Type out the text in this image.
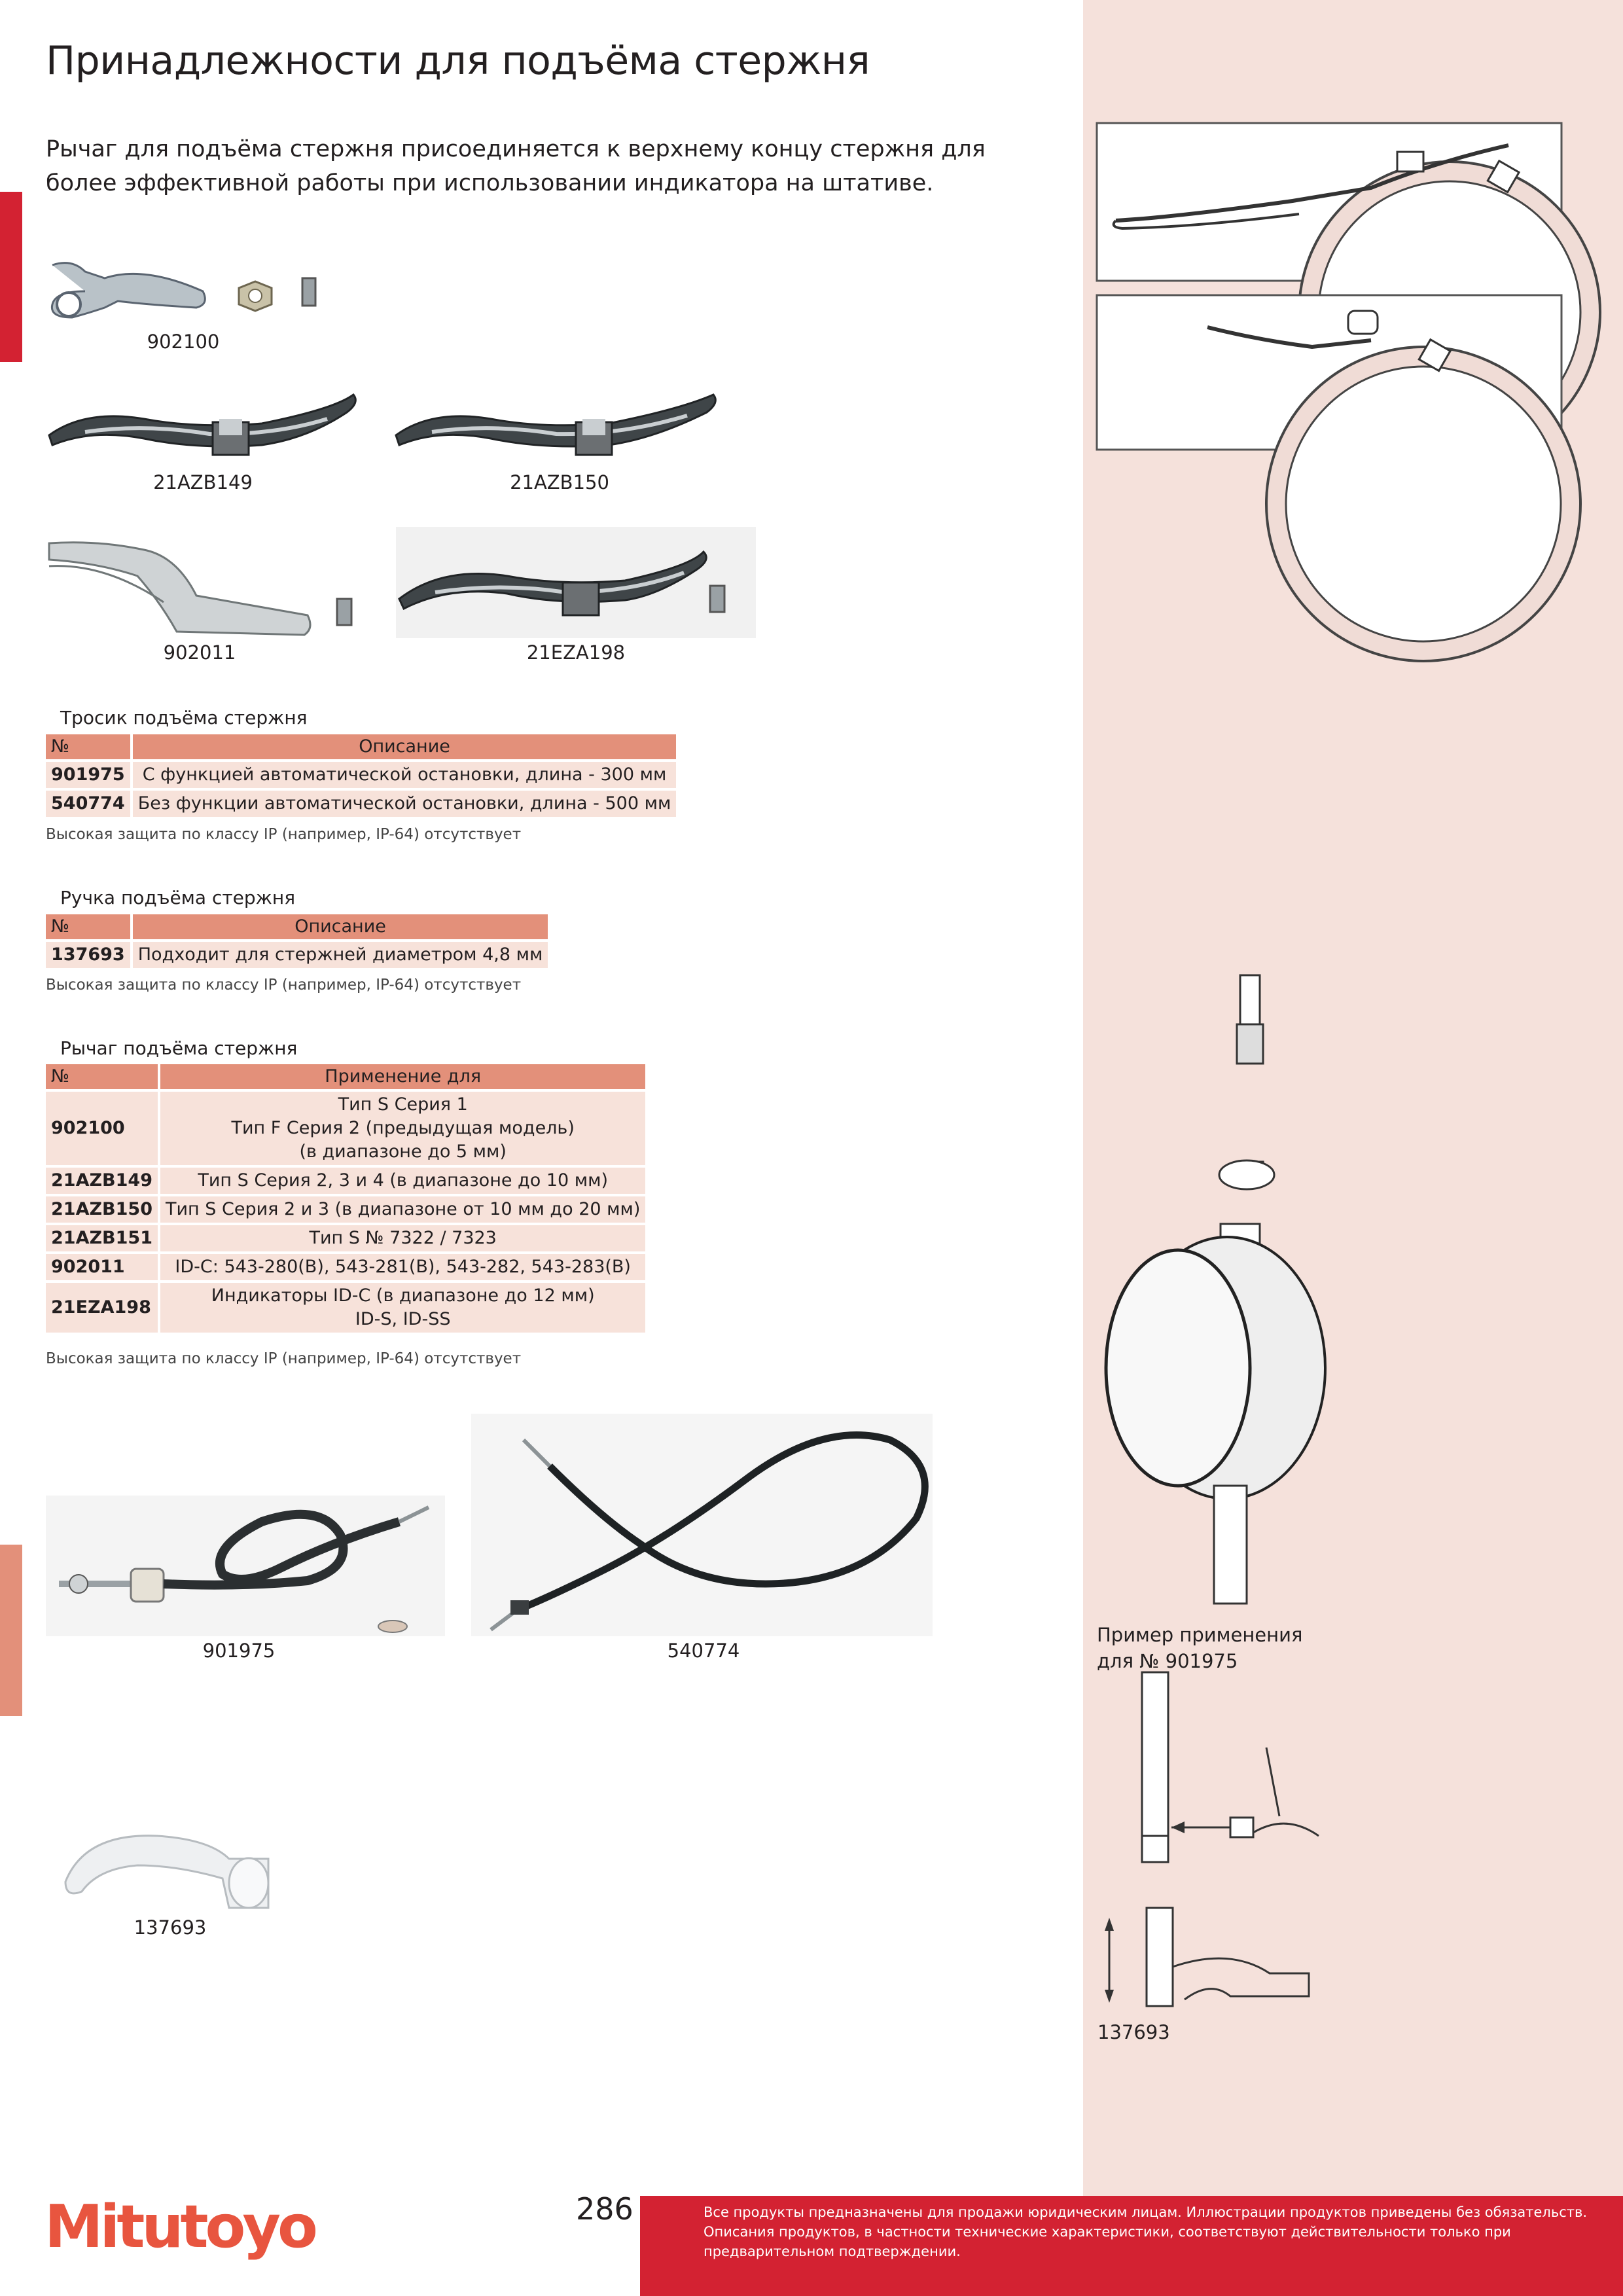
Принадлежности для подъёма стержня

Рычаг для подъёма стержня присоединяется к верхнему концу стержня для более эффективной работы при использовании индикатора на штативе.

902100
21AZB149	21AZB150
902011	21EZA198
Тросик подъёма стержня
№	Описание
901975	С функцией автоматической остановки, длина - 300 мм
540774	Без функции автоматической остановки, длина - 500 мм
Высокая защита по классу IP (например, IP-64) отсутствует
Ручка подъёма стержня
№	Описание
137693	Подходит для стержней диаметром 4,8 мм
Высокая защита по классу IP (например, IP-64) отсутствует
Рычаг подъёма стержня
№	Применение для
902100	Тип S Серия 1
Тип F Серия 2 (предыдущая модель)
(в диапазоне до 5 мм)

21AZB149	Тип S Серия 2, 3 и 4 (в диапазоне до 10 мм)
21AZB150	Тип S Серия 2 и 3 (в диапазоне от 10 мм до 20 мм)
21AZB151	Тип S № 7322 / 7323
902011	ID-C: 543-280(B), 543-281(B), 543-282, 543-283(B)
21EZA198	Индикаторы ID-C (в диапазоне до 12 мм)
ID-S, ID-SS
Высокая защита по классу IP (например, IP-64) отсутствует
901975	540774
137693
Пример применения
для № 901975
137693
Mitutoyo	286	Все продукты предназначены для продажи юридическим лицам. Иллюстрации продуктов приведены без обязательств. Описания продуктов, в частности технические характеристики, соответствуют действительности только при предварительном подтверждении.
